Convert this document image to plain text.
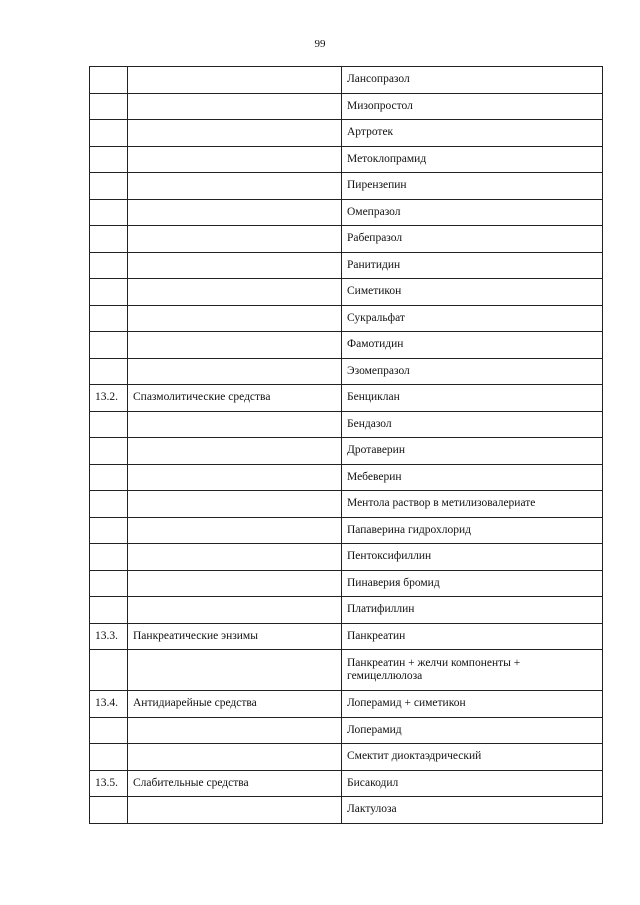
99
		Лансопразол
		Мизопростол
		Артротек
		Метоклопрамид
		Пирензепин
		Омепразол
		Рабепразол
		Ранитидин
		Симетикон
		Сукральфат
		Фамотидин
		Эзомепразол
13.2.	Спазмолитические средства	Бенциклан
		Бендазол
		Дротаверин
		Мебеверин
		Ментола раствор в метилизовалериате
		Папаверина гидрохлорид
		Пентоксифиллин
		Пинаверия бромид
		Платифиллин
13.3.	Панкреатические энзимы	Панкреатин
		Панкреатин + желчи компоненты + гемицеллюлоза
13.4.	Антидиарейные средства	Лоперамид + симетикон
		Лоперамид
		Смектит диоктаэдрический
13.5.	Слабительные средства	Бисакодил
		Лактулоза
